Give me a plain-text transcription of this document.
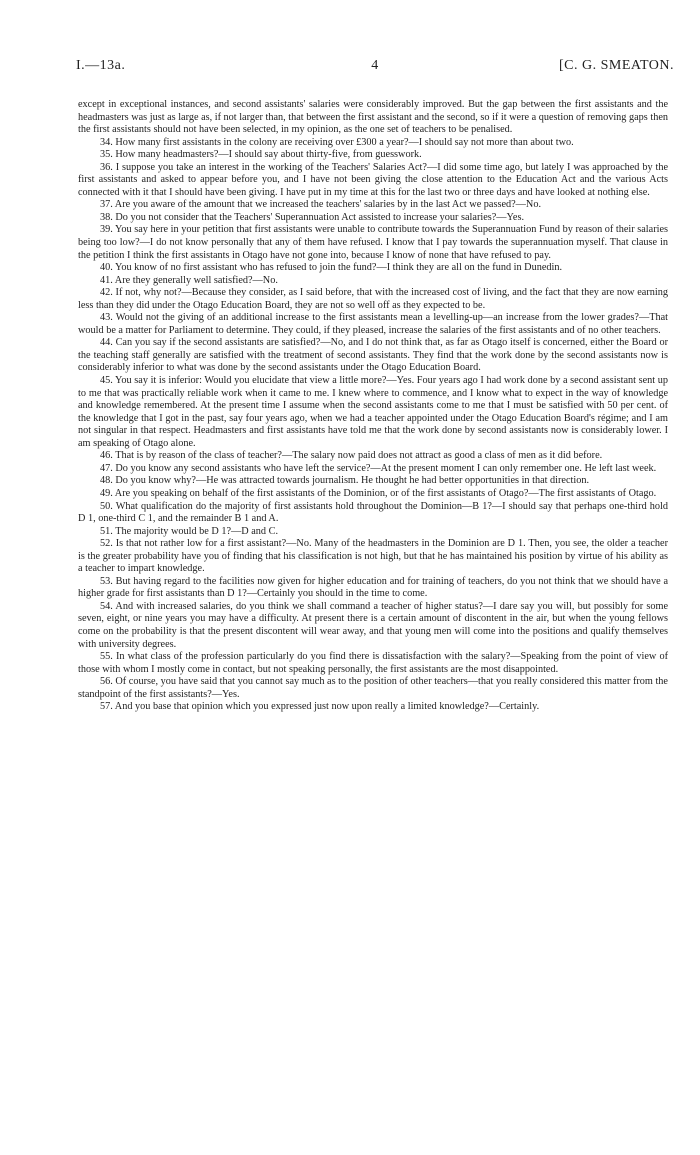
I.—13a.	4	[C. G. SMEATON.

except in exceptional instances, and second assistants' salaries were considerably improved. But the gap between the first assistants and the headmasters was just as large as, if not larger than, that between the first assistant and the second, so if it were a question of removing gaps then the first assistants should not have been selected, in my opinion, as the one set of teachers to be penalised.

34. How many first assistants in the colony are receiving over £300 a year?—I should say not more than about two.

35. How many headmasters?—I should say about thirty-five, from guesswork.

36. I suppose you take an interest in the working of the Teachers' Salaries Act?—I did some time ago, but lately I was approached by the first assistants and asked to appear before you, and I have not been giving the close attention to the Education Act and the various Acts connected with it that I should have been giving. I have put in my time at this for the last two or three days and have looked at nothing else.

37. Are you aware of the amount that we increased the teachers' salaries by in the last Act we passed?—No.

38. Do you not consider that the Teachers' Superannuation Act assisted to increase your salaries?—Yes.

39. You say here in your petition that first assistants were unable to contribute towards the Superannuation Fund by reason of their salaries being too low?—I do not know personally that any of them have refused. I know that I pay towards the superannuation myself. That clause in the petition I think the first assistants in Otago have not gone into, because I know of none that have refused to pay.

40. You know of no first assistant who has refused to join the fund?—I think they are all on the fund in Dunedin.

41. Are they generally well satisfied?—No.

42. If not, why not?—Because they consider, as I said before, that with the increased cost of living, and the fact that they are now earning less than they did under the Otago Education Board, they are not so well off as they expected to be.

43. Would not the giving of an additional increase to the first assistants mean a levelling-up—an increase from the lower grades?—That would be a matter for Parliament to determine. They could, if they pleased, increase the salaries of the first assistants and of no other teachers.

44. Can you say if the second assistants are satisfied?—No, and I do not think that, as far as Otago itself is concerned, either the Board or the teaching staff generally are satisfied with the treatment of second assistants. They find that the work done by the second assistants now is considerably inferior to what was done by the second assistants under the Otago Education Board.

45. You say it is inferior: Would you elucidate that view a little more?—Yes. Four years ago I had work done by a second assistant sent up to me that was practically reliable work when it came to me. I knew where to commence, and I know what to expect in the way of knowledge and knowledge remembered. At the present time I assume when the second assistants come to me that I must be satisfied with 50 per cent. of the knowledge that I got in the past, say four years ago, when we had a teacher appointed under the Otago Education Board's régime; and I am not singular in that respect. Headmasters and first assistants have told me that the work done by second assistants now is considerably lower. I am speaking of Otago alone.

46. That is by reason of the class of teacher?—The salary now paid does not attract as good a class of men as it did before.

47. Do you know any second assistants who have left the service?—At the present moment I can only remember one. He left last week.

48. Do you know why?—He was attracted towards journalism. He thought he had better opportunities in that direction.

49. Are you speaking on behalf of the first assistants of the Dominion, or of the first assistants of Otago?—The first assistants of Otago.

50. What qualification do the majority of first assistants hold throughout the Dominion—B 1?—I should say that perhaps one-third hold D 1, one-third C 1, and the remainder B 1 and A.

51. The majority would be D 1?—D and C.

52. Is that not rather low for a first assistant?—No. Many of the headmasters in the Dominion are D 1. Then, you see, the older a teacher is the greater probability have you of finding that his classification is not high, but that he has maintained his position by virtue of his ability as a teacher to impart knowledge.

53. But having regard to the facilities now given for higher education and for training of teachers, do you not think that we should have a higher grade for first assistants than D 1?—Certainly you should in the time to come.

54. And with increased salaries, do you think we shall command a teacher of higher status?—I dare say you will, but possibly for some seven, eight, or nine years you may have a difficulty. At present there is a certain amount of discontent in the air, but when the young fellows come on the probability is that the present discontent will wear away, and that young men will come into the positions and qualify themselves with university degrees.

55. In what class of the profession particularly do you find there is dissatisfaction with the salary?—Speaking from the point of view of those with whom I mostly come in contact, but not speaking personally, the first assistants are the most disappointed.

56. Of course, you have said that you cannot say much as to the position of other teachers—that you really considered this matter from the standpoint of the first assistants?—Yes.

57. And you base that opinion which you expressed just now upon really a limited knowledge?—Certainly.
